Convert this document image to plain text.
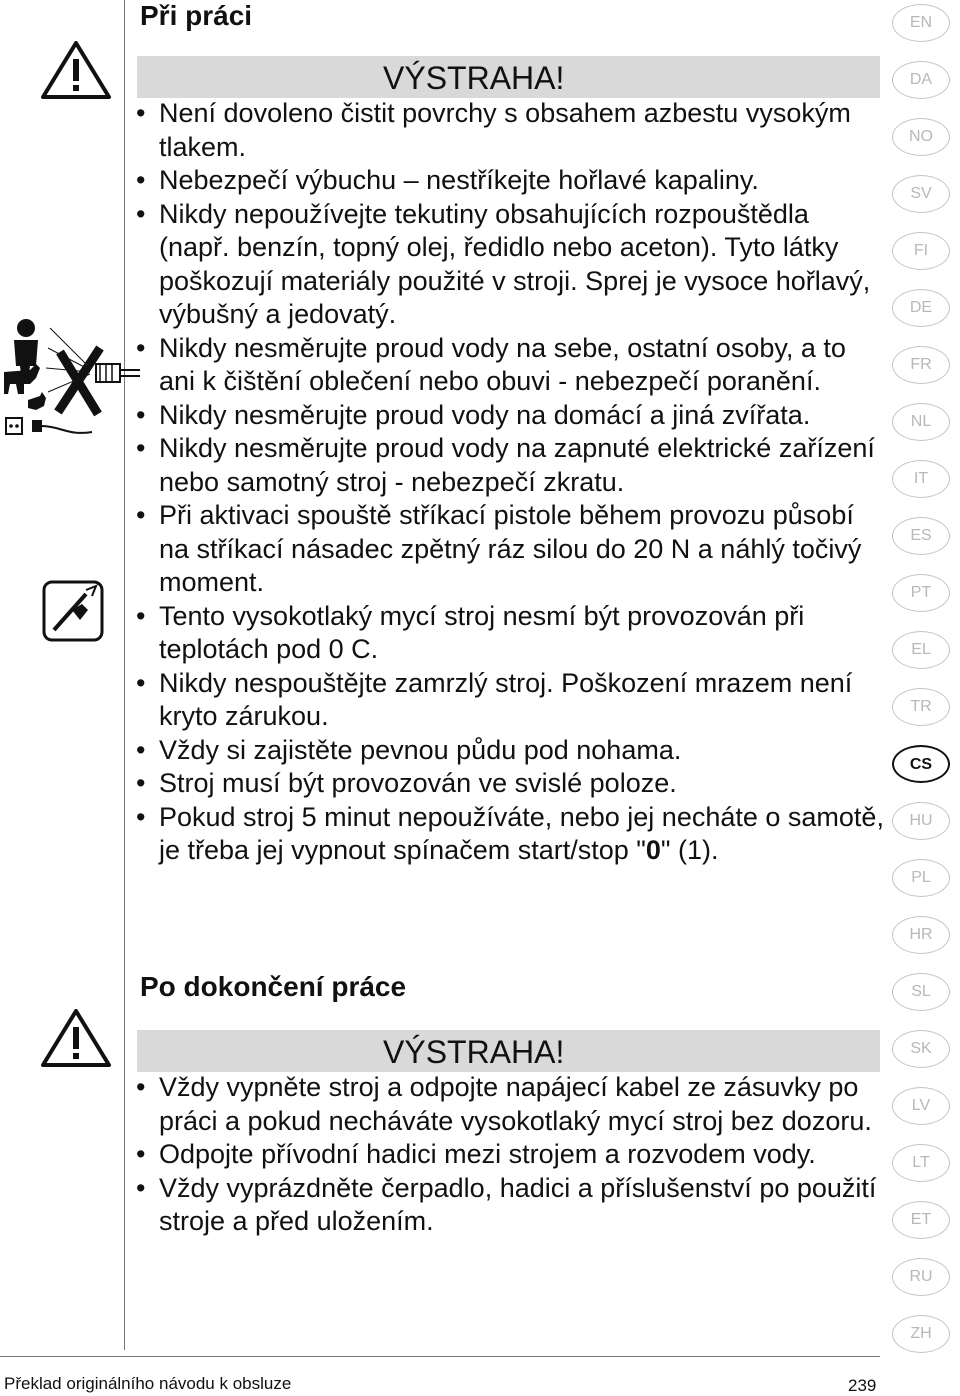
Při práci
VÝSTRAHA!
• Není dovoleno čistit povrchy s obsahem azbestu vysokým tlakem.
• Nebezpečí výbuchu – nestříkejte hořlavé kapaliny.
• Nikdy nepoužívejte tekutiny obsahujících rozpouštědla (např. benzín, topný olej, ředidlo nebo aceton). Tyto látky poškozují materiály použité v stroji. Sprej je vysoce hořlavý, výbušný a jedovatý.
• Nikdy nesměrujte proud vody na sebe, ostatní osoby, a to ani k čištění oblečení nebo obuvi - nebezpečí poranění.
• Nikdy nesměrujte proud vody na domácí a jiná zvířata.
• Nikdy nesměrujte proud vody na zapnuté elektrické zařízení nebo samotný stroj - nebezpečí zkratu.
• Při aktivaci spouště stříkací pistole během provozu působí na stříkací násadec zpětný ráz silou do 20 N a náhlý točivý moment.
• Tento vysokotlaký mycí stroj nesmí být provozován při teplotách pod 0 C.
• Nikdy nespouštějte zamrzlý stroj. Poškození mrazem není kryto zárukou.
• Vždy si zajistěte pevnou půdu pod nohama.
• Stroj musí být provozován ve svislé poloze.
• Pokud stroj 5 minut nepoužíváte, nebo jej necháte o samotě, je třeba jej vypnout spínačem start/stop "0" (1).
Po dokončení práce
VÝSTRAHA!
• Vždy vypněte stroj a odpojte napájecí kabel ze zásuvky po práci a pokud necháváte vysokotlaký mycí stroj bez dozoru.
• Odpojte přívodní hadici mezi strojem a rozvodem vody.
• Vždy vyprázdněte čerpadlo, hadici a příslušenství po použití stroje a před uložením.
EN
DA
NO
SV
FI
DE
FR
NL
IT
ES
PT
EL
TR
CS
HU
PL
HR
SL
SK
LV
LT
ET
RU
ZH
Překlad originálního návodu k obsluze	239
